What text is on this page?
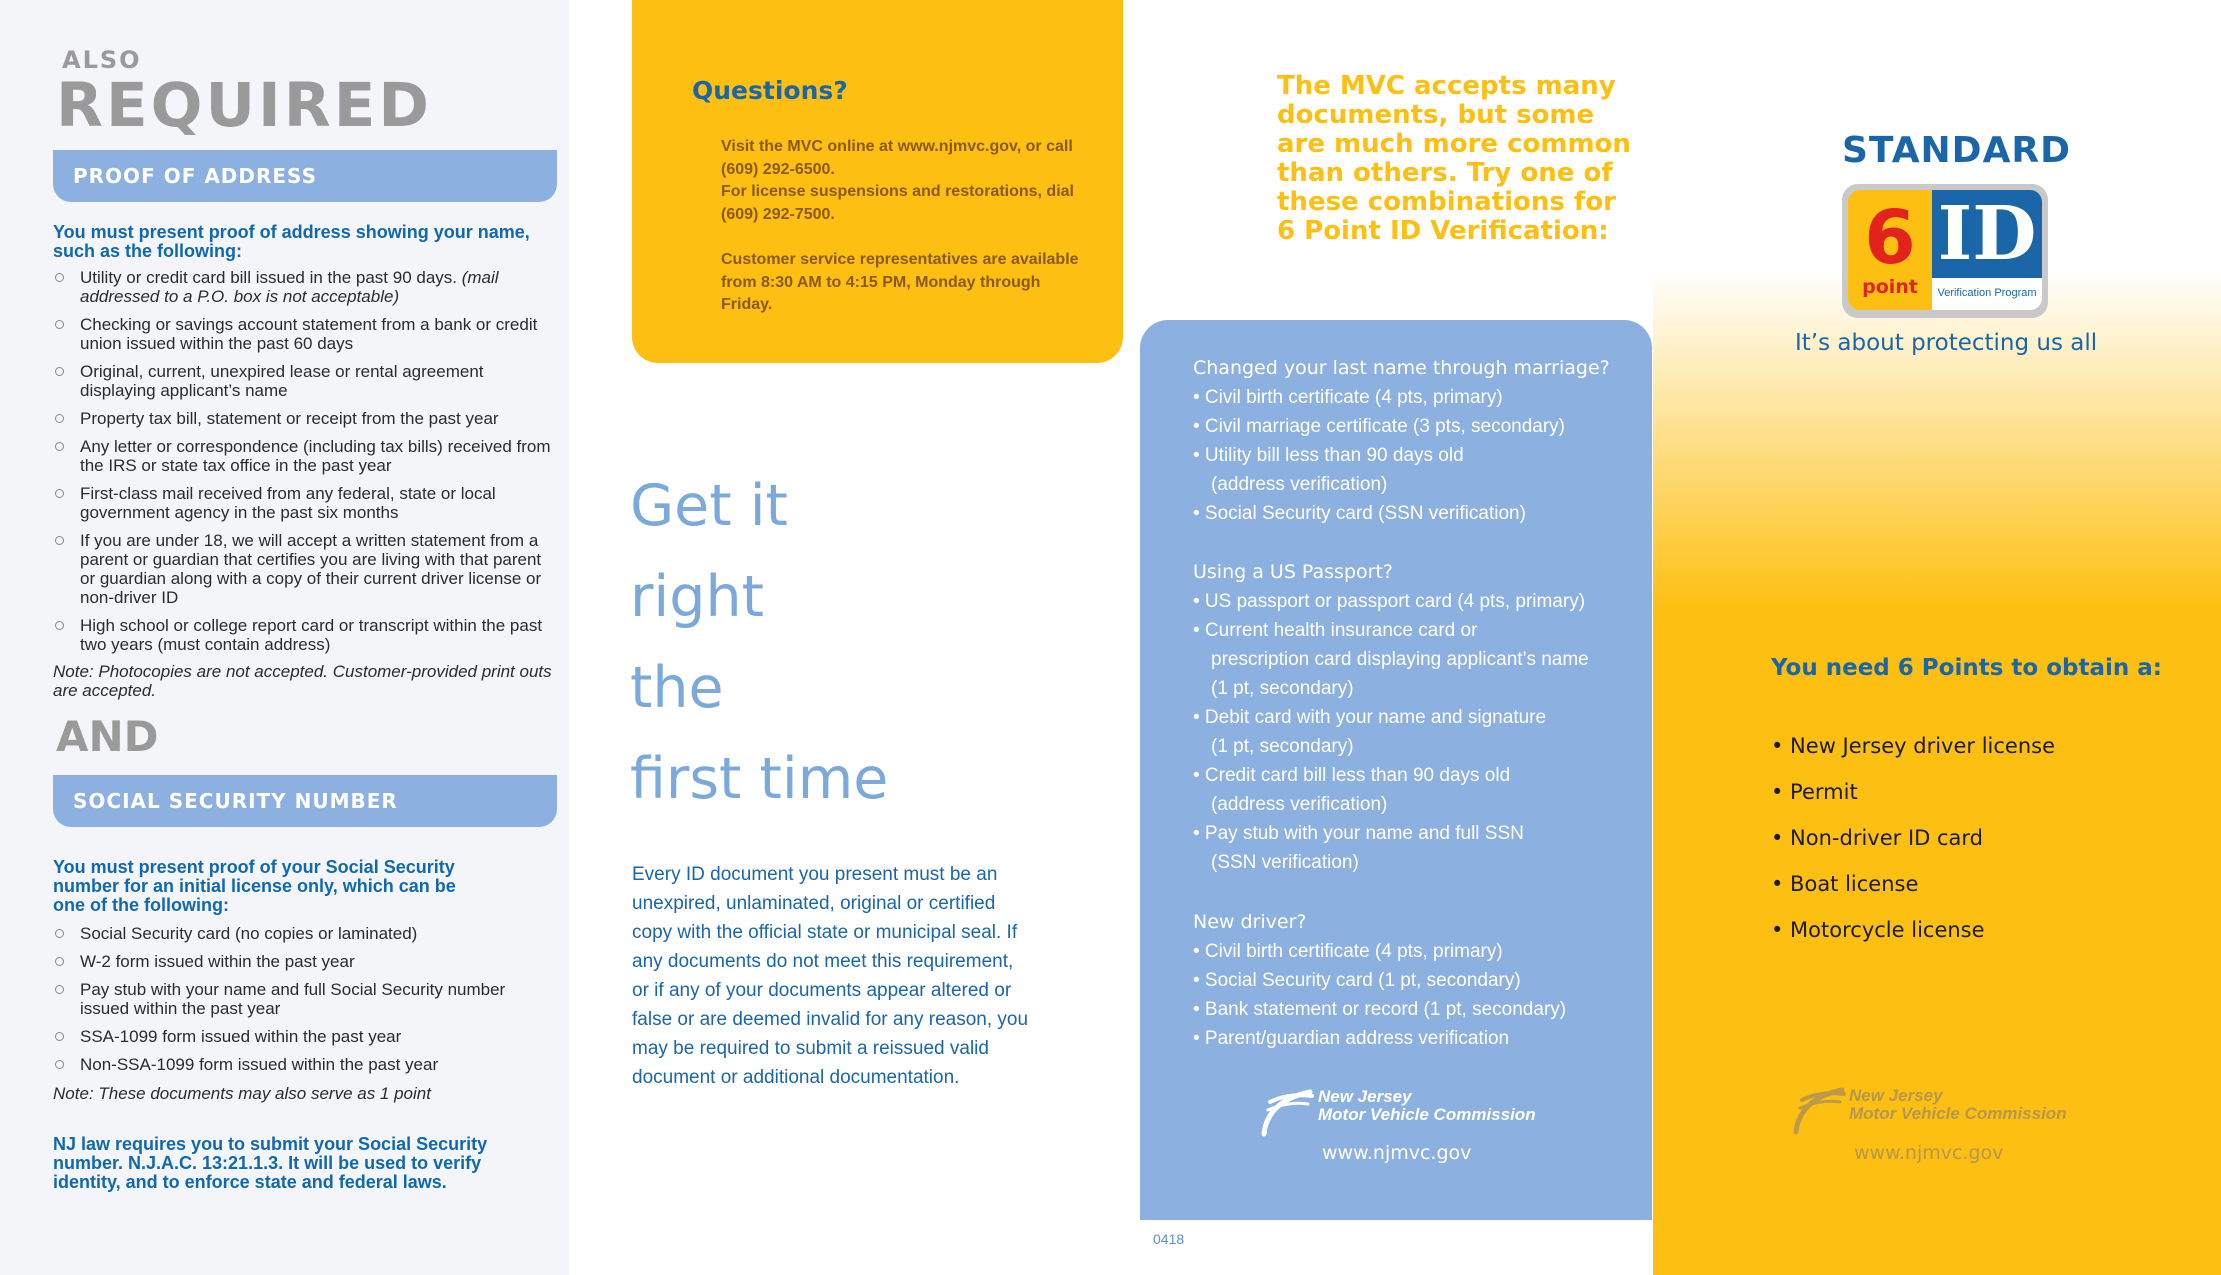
ALSO
REQUIRED
PROOF OF ADDRESS
You must present proof of address showing your name, such as the following:
Utility or credit card bill issued in the past 90 days. (mail addressed to a P.O. box is not acceptable)
Checking or savings account statement from a bank or credit union issued within the past 60 days
Original, current, unexpired lease or rental agreement displaying applicant’s name
Property tax bill, statement or receipt from the past year
Any letter or correspondence (including tax bills) received from the IRS or state tax office in the past year
First-class mail received from any federal, state or local government agency in the past six months
If you are under 18, we will accept a written statement from a parent or guardian that certifies you are living with that parent or guardian along with a copy of their current driver license or non-driver ID
High school or college report card or transcript within the past two years (must contain address)
Note: Photocopies are not accepted. Customer-provided print outs are accepted.
AND
SOCIAL SECURITY NUMBER
You must present proof of your Social Security number for an initial license only, which can be one of the following:
Social Security card (no copies or laminated)
W-2 form issued within the past year
Pay stub with your name and full Social Security number issued within the past year
SSA-1099 form issued within the past year
Non-SSA-1099 form issued within the past year
Note: These documents may also serve as 1 point
NJ law requires you to submit your Social Security number. N.J.A.C. 13:21.1.3. It will be used to verify identity, and to enforce state and federal laws.
Questions?
Visit the MVC online at www.njmvc.gov, or call (609) 292-6500.
For license suspensions and restorations, dial (609) 292-7500.
Customer service representatives are available from 8:30 AM to 4:15 PM, Monday through Friday.
Get it
right
the
first time
Every ID document you present must be an unexpired, unlaminated, original or certified copy with the official state or municipal seal. If any documents do not meet this requirement, or if any of your documents appear altered or false or are deemed invalid for any reason, you may be required to submit a reissued valid document or additional documentation.
The MVC accepts many documents, but some are much more common than others. Try one of these combinations for 6 Point ID Verification:
Changed your last name through marriage?
• Civil birth certificate (4 pts, primary)
• Civil marriage certificate (3 pts, secondary)
• Utility bill less than 90 days old
(address verification)
• Social Security card (SSN verification)
Using a US Passport?
• US passport or passport card (4 pts, primary)
• Current health insurance card or
prescription card displaying applicant’s name
(1 pt, secondary)
• Debit card with your name and signature
(1 pt, secondary)
• Credit card bill less than 90 days old
(address verification)
• Pay stub with your name and full SSN
(SSN verification)
New driver?
• Civil birth certificate (4 pts, primary)
• Social Security card (1 pt, secondary)
• Bank statement or record (1 pt, secondary)
• Parent/guardian address verification
New Jersey
Motor Vehicle Commission
www.njmvc.gov
0418
STANDARD
6
point
ID
Verification Program
It’s about protecting us all
You need 6 Points to obtain a:
• New Jersey driver license
• Permit
• Non-driver ID card
• Boat license
• Motorcycle license
New Jersey
Motor Vehicle Commission
www.njmvc.gov
